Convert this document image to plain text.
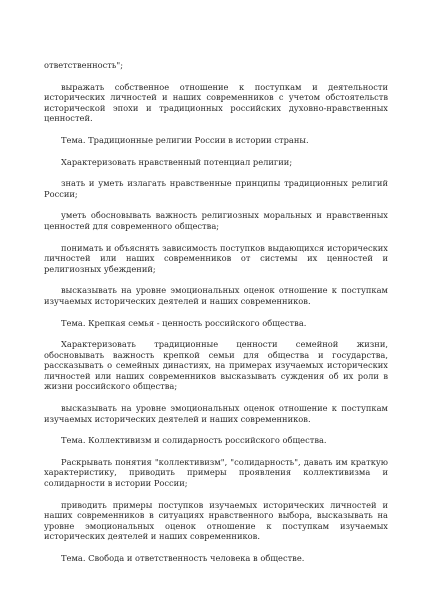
ответственность";

выражать собственное отношение к поступкам и деятельности исторических личностей и наших современников с учетом обстоятельств исторической эпохи и традиционных российских духовно-нравственных ценностей.

Тема. Традиционные религии России в истории страны.

Характеризовать нравственный потенциал религии;

знать и уметь излагать нравственные принципы традиционных религий России;

уметь обосновывать важность религиозных моральных и нравственных ценностей для современного общества;

понимать и объяснять зависимость поступков выдающихся исторических личностей или наших современников от системы их ценностей и религиозных убеждений;

высказывать на уровне эмоциональных оценок отношение к поступкам изучаемых исторических деятелей и наших современников.

Тема. Крепкая семья - ценность российского общества.

Характеризовать традиционные ценности семейной жизни, обосновывать важность крепкой семьи для общества и государства, рассказывать о семейных династиях, на примерах изучаемых исторических личностей или наших современников высказывать суждения об их роли в жизни российского общества;

высказывать на уровне эмоциональных оценок отношение к поступкам изучаемых исторических деятелей и наших современников.

Тема. Коллективизм и солидарность российского общества.

Раскрывать понятия "коллективизм", "солидарность", давать им краткую характеристику, приводить примеры проявления коллективизма и солидарности в истории России;

приводить примеры поступков изучаемых исторических личностей и наших современников в ситуациях нравственного выбора, высказывать на уровне эмоциональных оценок отношение к поступкам изучаемых исторических деятелей и наших современников.

Тема. Свобода и ответственность человека в обществе.
